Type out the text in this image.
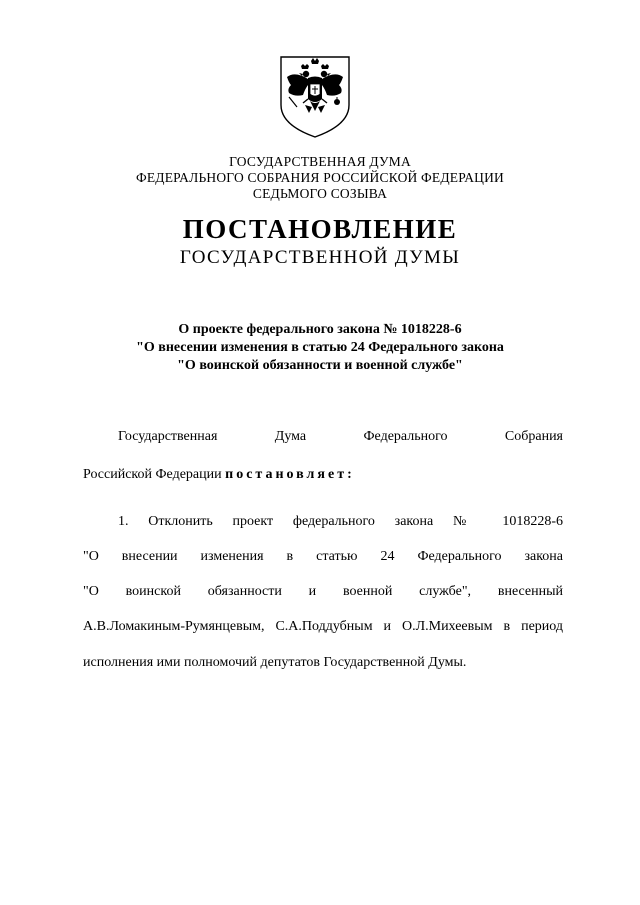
ГОСУДАРСТВЕННАЯ ДУМА
ФЕДЕРАЛЬНОГО СОБРАНИЯ РОССИЙСКОЙ ФЕДЕРАЦИИ
СЕДЬМОГО СОЗЫВА
ПОСТАНОВЛЕНИЕ
ГОСУДАРСТВЕННОЙ ДУМЫ
О проекте федерального закона № 1018228-6
"О внесении изменения в статью 24 Федерального закона
"О воинской обязанности и военной службе"
Государственная Дума Федерального Собрания
Российской Федерации постановляет:
1. Отклонить проект федерального закона № 1018228-6
"О внесении изменения в статью 24 Федерального закона
"О воинской обязанности и военной службе", внесенный
А.В.Ломакиным-Румянцевым, С.А.Поддубным и О.Л.Михеевым в период
исполнения ими полномочий депутатов Государственной Думы.
